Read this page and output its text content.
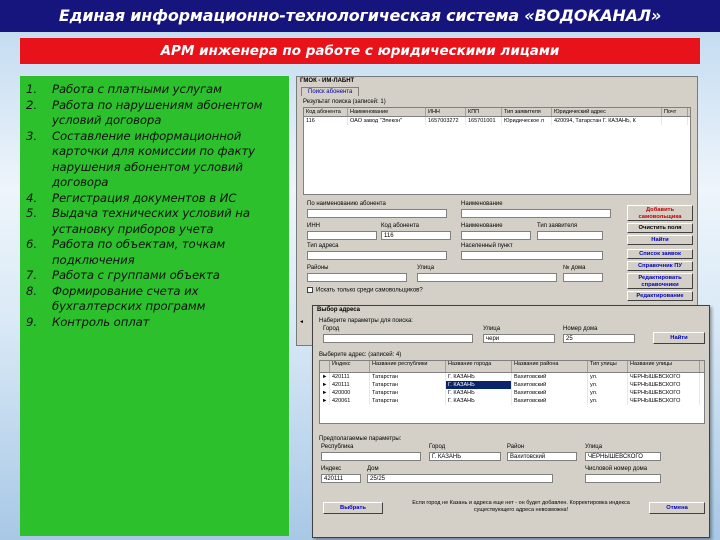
Единая информационно-технологическая система «ВОДОКАНАЛ»
АРМ инженера по работе с юридическими лицами
1.	Работа с платными услугам
2.	Работа по нарушениям абонентом условий договора
3.	Составление информационной карточки для комиссии по факту нарушения абонентом условий договора
4.	Регистрация документов в ИС
5.	Выдача технических условий на установку приборов учета
6.	Работа по объектам, точкам подключения
7.	Работа с группами объекта
8.	Формирование счета их бухгалтерских программ
9.	Контроль оплат
ГМОК - ИМ-ЛАБНТ
Поиск абонента
Результат поиска (записей: 1)
Код абонента	Наименование	ИНН	КПП	Тип заявителя	Юридический адрес	Почт
116	ОАО завод "Элекон"	1657003272	165701001	Юридическое л	420094, Татарстан Г. КАЗАНЬ, К
По наименованию абонента	Наименование
ИНН	Код абонента
116
Наименование	Тип заявителя
Тип адреса	Населенный пункт
Районы	Улица	№ дома
Искать только среди самовольщиков?
Добавить самовольщика
Очистить поля
Найти
Список заявок
Справочник ПУ
Редактировать справочники
Редактирование
◄
Выбор адреса
Наберите параметры для поиска:
Город	Улица
чери
Номер дома
25	Найти
Выберите адрес: (записей: 4)
Индекс	Название республики	Название города	Название района	Тип улицы	Название улицы
► 420111	Татарстан	Г. КАЗАНЬ	Вахитовский	ул.	ЧЕРНЫШЕВСКОГО
► 420111	Татарстан	Г. КАЗАНЬ	Вахитовский	ул.	ЧЕРНЫШЕВСКОГО
► 420000	Татарстан	Г. КАЗАНЬ	Вахитовский	ул.	ЧЕРНЫШЕВСКОГО
► 420061	Татарстан	Г. КАЗАНЬ	Вахитовский	ул.	ЧЕРНЫШЕВСКОГО
Предполагаемые параметры:
Республика	Город
Г. КАЗАНЬ
Район
Вахитовский
Улица
ЧЕРНЫШЕВСКОГО
Индекс
420111
Дом
25/25
Числовой номер дома
Выбрать
Если город не Казань и адреса еще нет - он будет добавлен. Корректировка индекса существующего адреса невозможна!	Отмена
